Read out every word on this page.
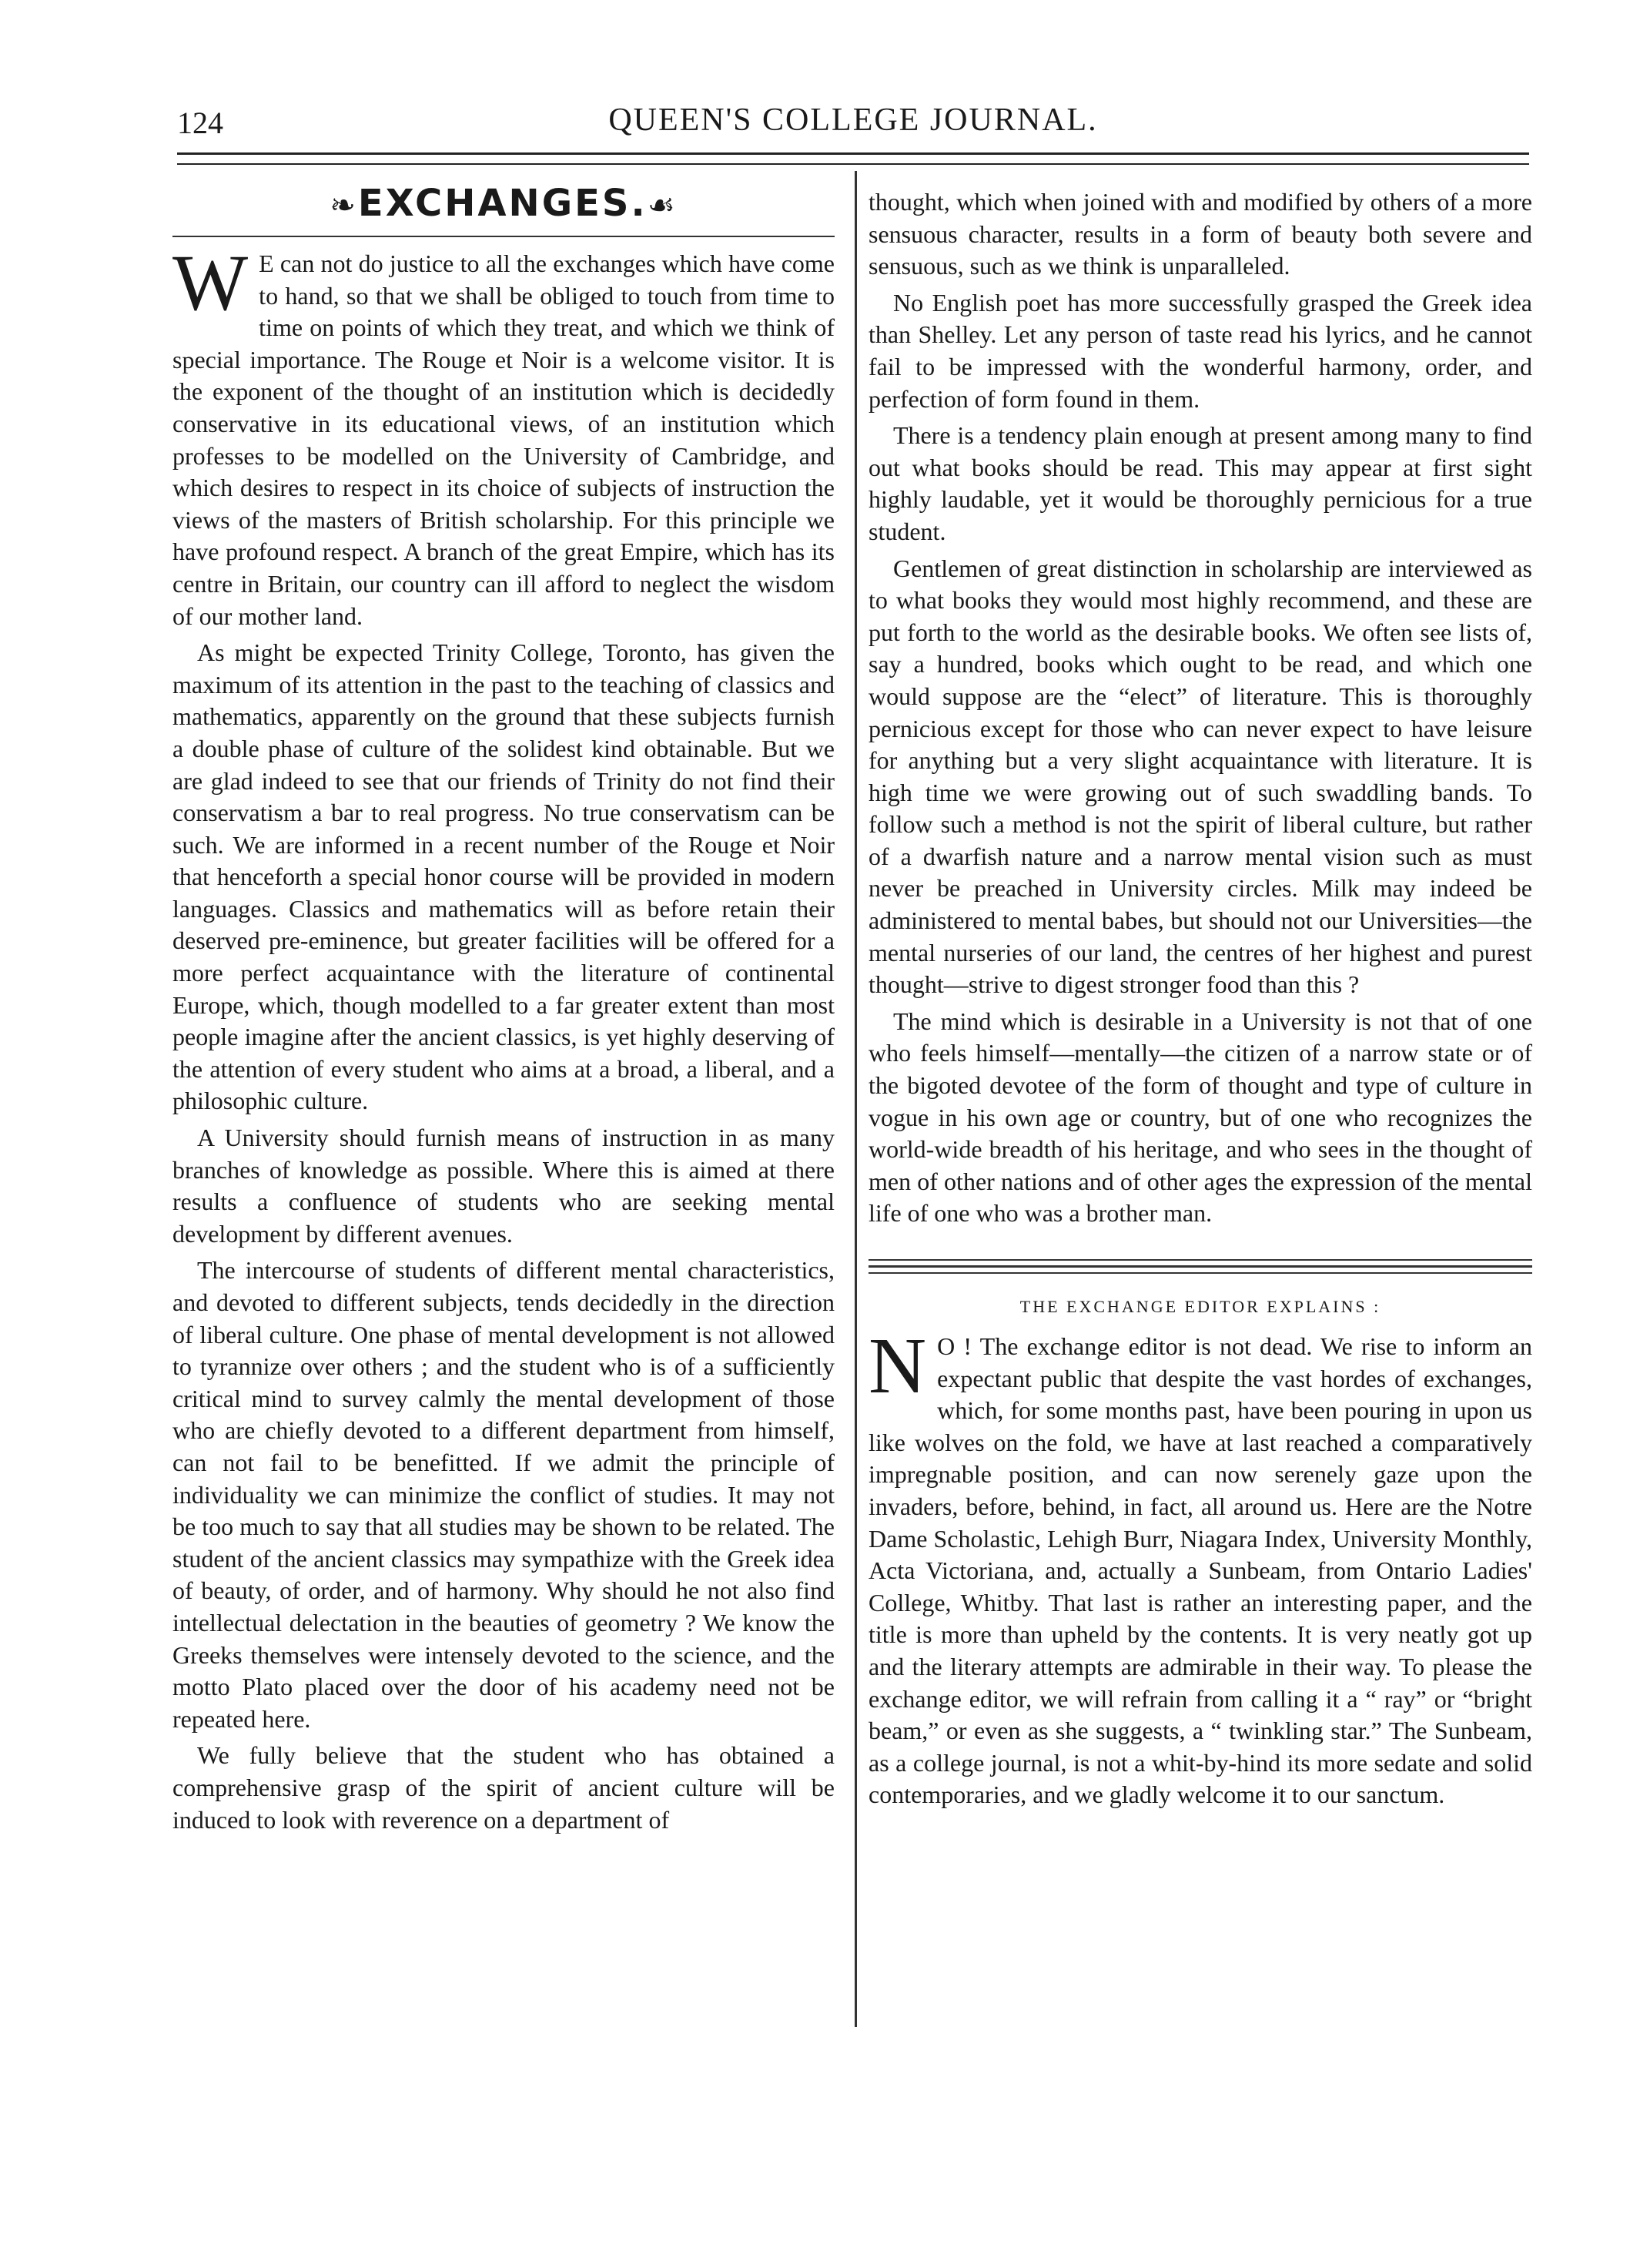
124	QUEEN'S COLLEGE JOURNAL.
❧EXCHANGES.☙

W E can not do justice to all the exchanges which have come to hand, so that we shall be obliged to touch from time to time on points of which they treat, and which we think of special importance. The Rouge et Noir is a welcome visitor. It is the exponent of the thought of an institution which is decidedly conservative in its educational views, of an institution which professes to be modelled on the University of Cambridge, and which desires to respect in its choice of subjects of instruction the views of the masters of British scholarship. For this principle we have profound respect. A branch of the great Empire, which has its centre in Britain, our country can ill afford to neglect the wisdom of our mother land.

As might be expected Trinity College, Toronto, has given the maximum of its attention in the past to the teaching of classics and mathematics, apparently on the ground that these subjects furnish a double phase of culture of the solidest kind obtainable. But we are glad indeed to see that our friends of Trinity do not find their conservatism a bar to real progress. No true conservatism can be such. We are informed in a recent number of the Rouge et Noir that henceforth a special honor course will be provided in modern languages. Classics and mathematics will as before retain their deserved pre-eminence, but greater facilities will be offered for a more perfect acquaintance with the literature of continental Europe, which, though modelled to a far greater extent than most people imagine after the ancient classics, is yet highly deserving of the attention of every student who aims at a broad, a liberal, and a philosophic culture.

A University should furnish means of instruction in as many branches of knowledge as possible. Where this is aimed at there results a confluence of students who are seeking mental development by different avenues.

The intercourse of students of different mental characteristics, and devoted to different subjects, tends decidedly in the direction of liberal culture. One phase of mental development is not allowed to tyrannize over others ; and the student who is of a sufficiently critical mind to survey calmly the mental development of those who are chiefly devoted to a different department from himself, can not fail to be benefitted. If we admit the principle of individuality we can minimize the conflict of studies. It may not be too much to say that all studies may be shown to be related. The student of the ancient classics may sympathize with the Greek idea of beauty, of order, and of harmony. Why should he not also find intellectual delectation in the beauties of geometry ? We know the Greeks themselves were intensely devoted to the science, and the motto Plato placed over the door of his academy need not be repeated here.

We fully believe that the student who has obtained a comprehensive grasp of the spirit of ancient culture will be induced to look with reverence on a department of

thought, which when joined with and modified by others of a more sensuous character, results in a form of beauty both severe and sensuous, such as we think is unparalleled.

No English poet has more successfully grasped the Greek idea than Shelley. Let any person of taste read his lyrics, and he cannot fail to be impressed with the wonderful harmony, order, and perfection of form found in them.

There is a tendency plain enough at present among many to find out what books should be read. This may appear at first sight highly laudable, yet it would be thoroughly pernicious for a true student.

Gentlemen of great distinction in scholarship are interviewed as to what books they would most highly recommend, and these are put forth to the world as the desirable books. We often see lists of, say a hundred, books which ought to be read, and which one would suppose are the “elect” of literature. This is thoroughly pernicious except for those who can never expect to have leisure for anything but a very slight acquaintance with literature. It is high time we were growing out of such swaddling bands. To follow such a method is not the spirit of liberal culture, but rather of a dwarfish nature and a narrow mental vision such as must never be preached in University circles. Milk may indeed be administered to mental babes, but should not our Universities—the mental nurseries of our land, the centres of her highest and purest thought—strive to digest stronger food than this ?

The mind which is desirable in a University is not that of one who feels himself—mentally—the citizen of a narrow state or of the bigoted devotee of the form of thought and type of culture in vogue in his own age or country, but of one who recognizes the world-wide breadth of his heritage, and who sees in the thought of men of other nations and of other ages the expression of the mental life of one who was a brother man.

THE EXCHANGE EDITOR EXPLAINS :

N O ! The exchange editor is not dead. We rise to inform an expectant public that despite the vast hordes of exchanges, which, for some months past, have been pouring in upon us like wolves on the fold, we have at last reached a comparatively impregnable position, and can now serenely gaze upon the invaders, before, behind, in fact, all around us. Here are the Notre Dame Scholastic, Lehigh Burr, Niagara Index, University Monthly, Acta Victoriana, and, actually a Sunbeam, from Ontario Ladies' College, Whitby. That last is rather an interesting paper, and the title is more than upheld by the contents. It is very neatly got up and the literary attempts are admirable in their way. To please the exchange editor, we will refrain from calling it a “ ray” or “bright beam,” or even as she suggests, a “ twinkling star.” The Sunbeam, as a college journal, is not a whit-by-hind its more sedate and solid contemporaries, and we gladly welcome it to our sanctum.
